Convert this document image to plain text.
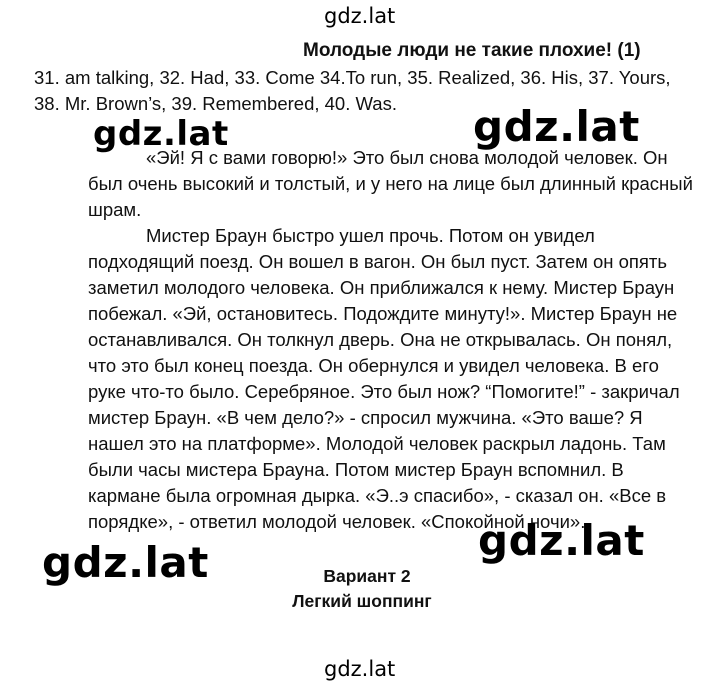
gdz.lat
Молодые люди не такие плохие! (1)

31. am talking, 32. Had, 33. Come 34.To run, 35. Realized, 36. His, 37. Yours, 38. Mr. Brown’s, 39. Remembered, 40. Was.

gdz.lat	gdz.lat

«Эй! Я с вами говорю!» Это был снова молодой человек. Он был очень высокий и толстый, и у него на лице был длинный красный шрам.

Мистер Браун быстро ушел прочь. Потом он увидел подходящий поезд. Он вошел в вагон. Он был пуст. Затем он опять заметил молодого человека. Он приближался к нему. Мистер Браун побежал. «Эй, остановитесь. Подождите минуту!». Мистер Браун не останавливался. Он толкнул дверь. Она не открывалась. Он понял, что это был конец поезда. Он обернулся и увидел человека. В его руке что-то было. Серебряное. Это был нож? “Помогите!” - закричал мистер Браун. «В чем дело?» - спросил мужчина. «Это ваше? Я нашел это на платформе». Молодой человек раскрыл ладонь. Там были часы мистера Брауна. Потом мистер Браун вспомнил. В кармане была огромная дырка. «Э..э спасибо», - сказал он. «Все в порядке», - ответил молодой человек. «Спокойной ночи».

gdz.lat
gdz.lat	Вариант 2
Легкий шоппинг
gdz.lat
